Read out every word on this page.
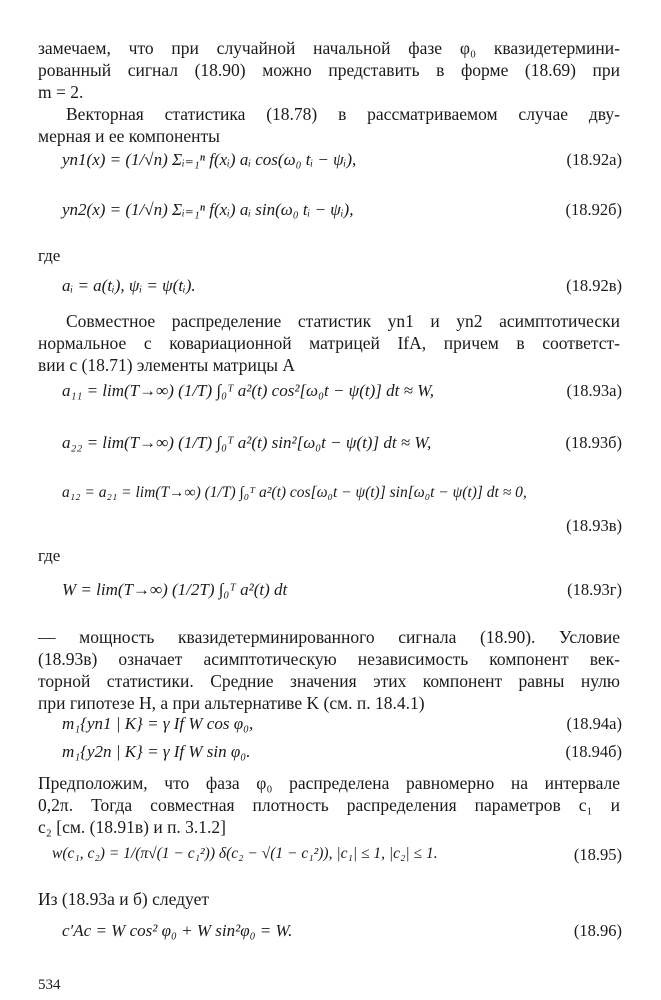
замечаем, что при случайной начальной фазе φ₀ квазидетермини-
рованный сигнал (18.90) можно представить в форме (18.69) при
m = 2.
Векторная статистика (18.78) в рассматриваемом случае дву-
мерная и ее компоненты
yn1(x) = (1/√n) Σᵢ₌₁ⁿ f(xᵢ) aᵢ cos(ω₀ tᵢ − ψᵢ),	(18.92a)
yn2(x) = (1/√n) Σᵢ₌₁ⁿ f(xᵢ) aᵢ sin(ω₀ tᵢ − ψᵢ),	(18.92б)
где
aᵢ = a(tᵢ), ψᵢ = ψ(tᵢ).	(18.92в)
Совместное распределение статистик yn1 и yn2 асимптотически
нормальное с ковариационной матрицей IfA, причем в соответст-
вии с (18.71) элементы матрицы A
a₁₁ = lim(T→∞) (1/T) ∫₀ᵀ a²(t) cos²[ω₀t − ψ(t)] dt ≈ W,	(18.93a)
a₂₂ = lim(T→∞) (1/T) ∫₀ᵀ a²(t) sin²[ω₀t − ψ(t)] dt ≈ W,	(18.93б)
a₁₂ = a₂₁ = lim(T→∞) (1/T) ∫₀ᵀ a²(t) cos[ω₀t − ψ(t)] sin[ω₀t − ψ(t)] dt ≈ 0,
(18.93в)
где
W = lim(T→∞) (1/2T) ∫₀ᵀ a²(t) dt	(18.93г)
— мощность квазидетерминированного сигнала (18.90). Условие
(18.93в) означает асимптотическую независимость компонент век-
торной статистики. Средние значения этих компонент равны нулю
при гипотезе H, а при альтернативе K (см. п. 18.4.1)
m₁{yn1 | K} = γ If W cos φ₀,	(18.94a)
m₁{y2n | K} = γ If W sin φ₀.	(18.94б)
Предположим, что фаза φ₀ распределена равномерно на интервале
0,2π. Тогда совместная плотность распределения параметров c₁ и
c₂ [см. (18.91в) и п. 3.1.2]
w(c₁, c₂) = 1/(π√(1 − c₁²)) δ(c₂ − √(1 − c₁²)), |c₁| ≤ 1, |c₂| ≤ 1.	(18.95)
Из (18.93a и б) следует
c′Ac = W cos² φ₀ + W sin²φ₀ = W.	(18.96)
534
